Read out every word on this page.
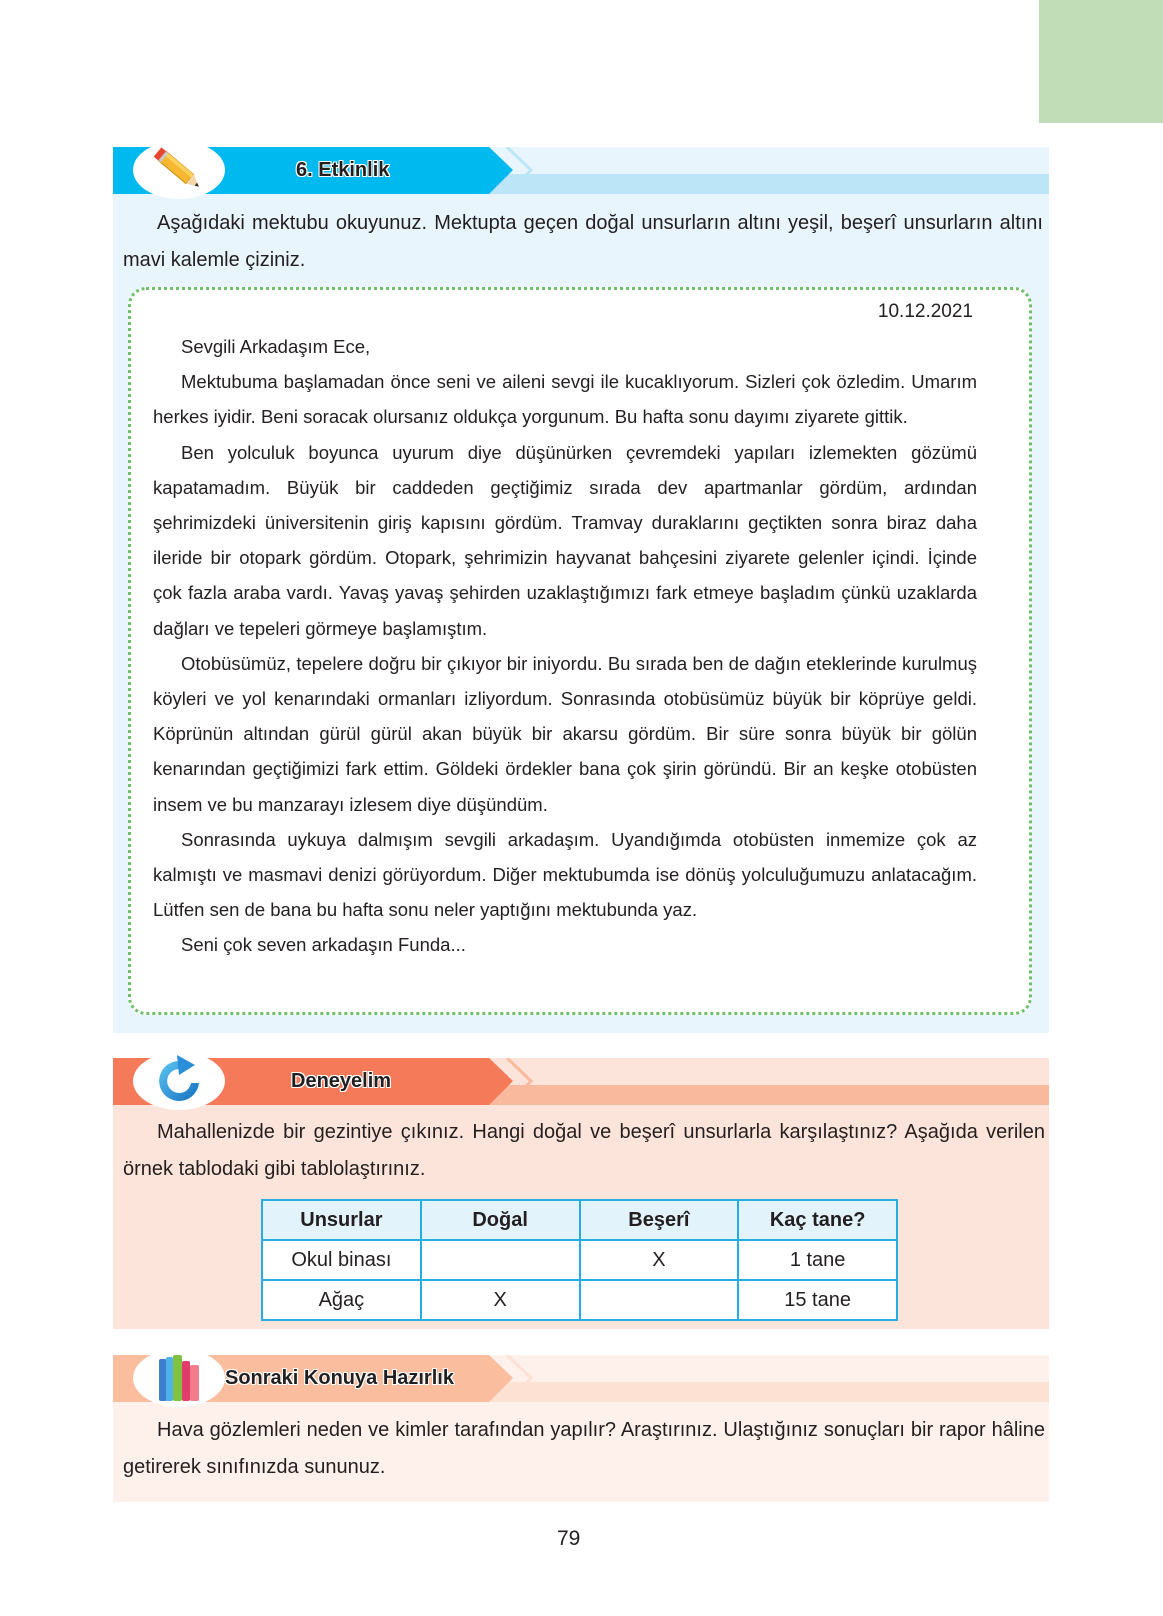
6. Etkinlik

Aşağıdaki mektubu okuyunuz. Mektupta geçen doğal unsurların altını yeşil, beşerî unsurların altını mavi kalemle çiziniz.

10.12.2021

Sevgili Arkadaşım Ece,

Mektubuma başlamadan önce seni ve aileni sevgi ile kucaklıyorum. Sizleri çok özledim. Umarım herkes iyidir. Beni soracak olursanız oldukça yorgunum. Bu hafta sonu dayımı ziyarete gittik.

Ben yolculuk boyunca uyurum diye düşünürken çevremdeki yapıları izlemekten gözümü kapatamadım. Büyük bir caddeden geçtiğimiz sırada dev apartmanlar gördüm, ardından şehrimizdeki üniversitenin giriş kapısını gördüm. Tramvay duraklarını geçtikten sonra biraz daha ileride bir otopark gördüm. Otopark, şehrimizin hayvanat bahçesini ziyarete gelenler içindi. İçinde çok fazla araba vardı. Yavaş yavaş şehirden uzaklaştığımızı fark etmeye başladım çünkü uzaklarda dağları ve tepeleri görmeye başlamıştım.

Otobüsümüz, tepelere doğru bir çıkıyor bir iniyordu. Bu sırada ben de dağın eteklerinde kurulmuş köyleri ve yol kenarındaki ormanları izliyordum. Sonrasında otobüsümüz büyük bir köprüye geldi. Köprünün altından gürül gürül akan büyük bir akarsu gördüm. Bir süre sonra büyük bir gölün kenarından geçtiğimizi fark ettim. Göldeki ördekler bana çok şirin göründü. Bir an keşke otobüsten insem ve bu manzarayı izlesem diye düşündüm.

Sonrasında uykuya dalmışım sevgili arkadaşım. Uyandığımda otobüsten inmemize çok az kalmıştı ve masmavi denizi görüyordum. Diğer mektubumda ise dönüş yolculuğumuzu anlatacağım. Lütfen sen de bana bu hafta sonu neler yaptığını mektubunda yaz.

Seni çok seven arkadaşın Funda...

Deneyelim

Mahallenizde bir gezintiye çıkınız. Hangi doğal ve beşerî unsurlarla karşılaştınız? Aşağıda verilen örnek tablodaki gibi tablolaştırınız.

Unsurlar	Doğal	Beşerî	Kaç tane?
Okul binası		X	1 tane
Ağaç	X		15 tane
Sonraki Konuya Hazırlık

Hava gözlemleri neden ve kimler tarafından yapılır? Araştırınız. Ulaştığınız sonuçları bir rapor hâline getirerek sınıfınızda sununuz.

79
